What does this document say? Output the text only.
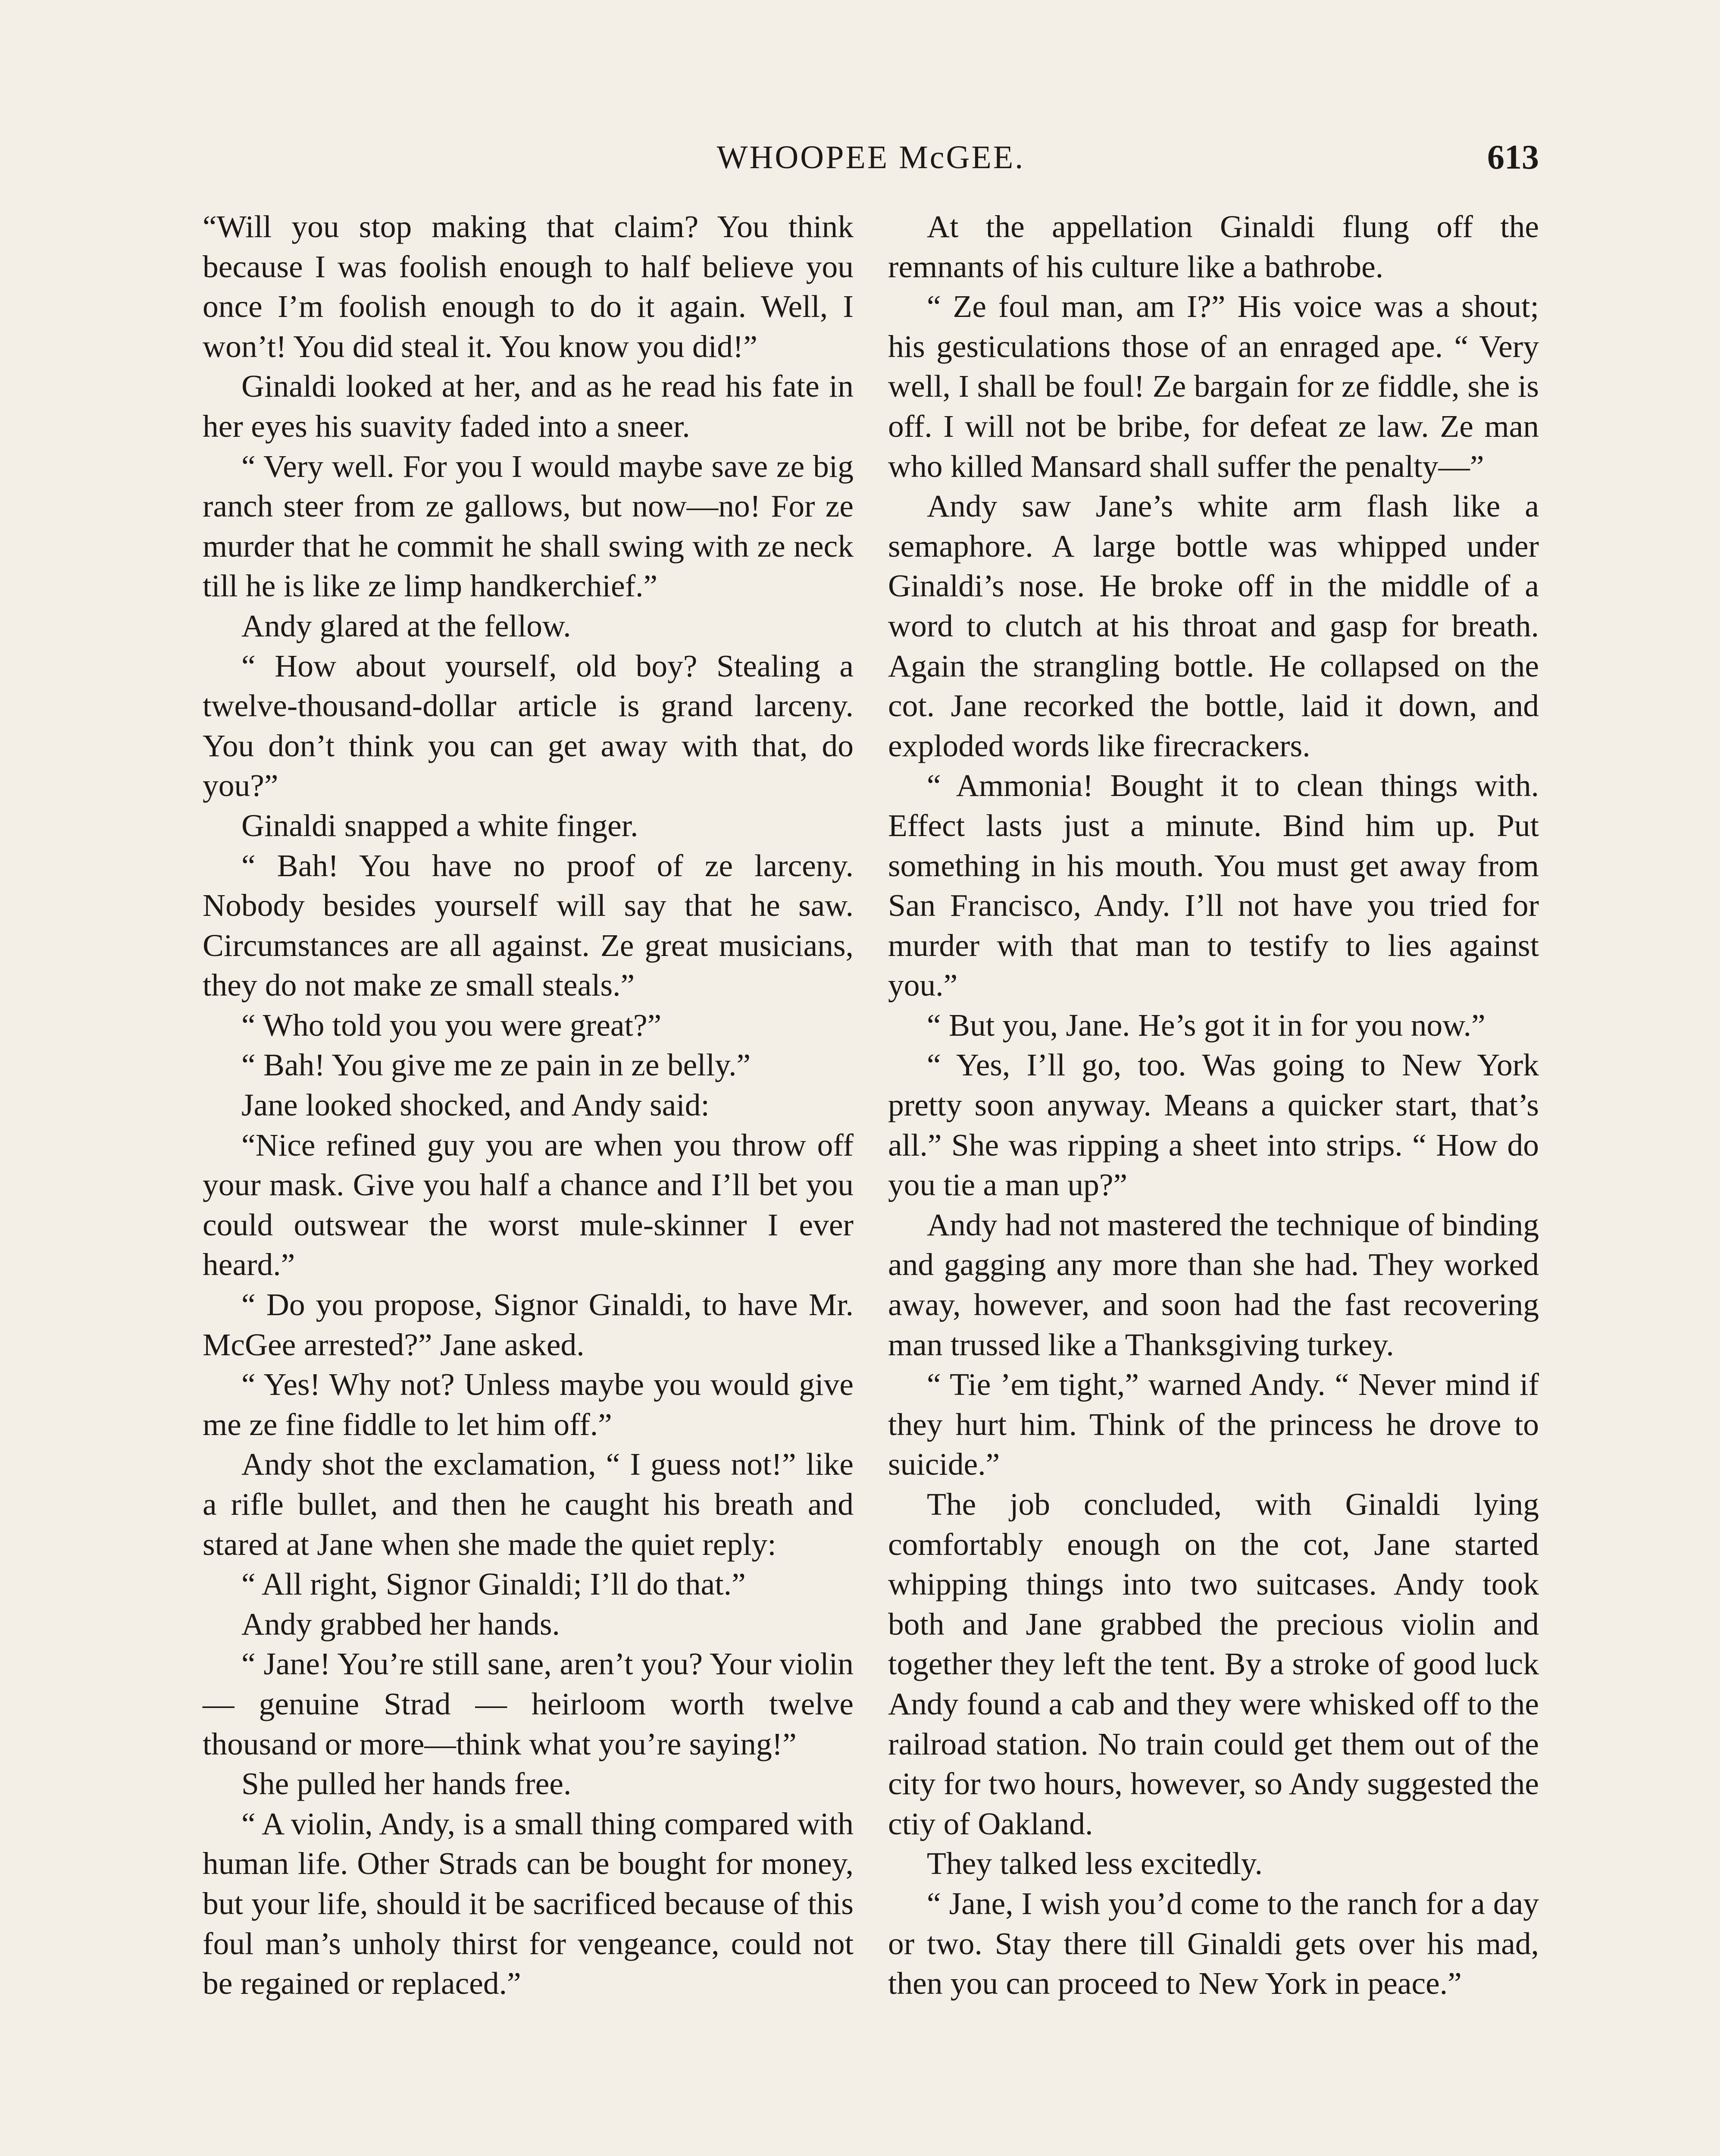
WHOOPEE McGEE.	613

“Will you stop making that claim? You think because I was foolish enough to half believe you once I’m foolish enough to do it again. Well, I won’t! You did steal it. You know you did!”

Ginaldi looked at her, and as he read his fate in her eyes his suavity faded into a sneer.

“ Very well. For you I would maybe save ze big ranch steer from ze gallows, but now—no! For ze murder that he commit he shall swing with ze neck till he is like ze limp handkerchief.”

Andy glared at the fellow.

“ How about yourself, old boy? Stealing a twelve-thousand-dollar article is grand larceny. You don’t think you can get away with that, do you?”

Ginaldi snapped a white finger.

“ Bah! You have no proof of ze larceny. Nobody besides yourself will say that he saw. Circumstances are all against. Ze great musicians, they do not make ze small steals.”

“ Who told you you were great?”

“ Bah! You give me ze pain in ze belly.”

Jane looked shocked, and Andy said:

“Nice refined guy you are when you throw off your mask. Give you half a chance and I’ll bet you could outswear the worst mule-skinner I ever heard.”

“ Do you propose, Signor Ginaldi, to have Mr. McGee arrested?” Jane asked.

“ Yes! Why not? Unless maybe you would give me ze fine fiddle to let him off.”

Andy shot the exclamation, “ I guess not!” like a rifle bullet, and then he caught his breath and stared at Jane when she made the quiet reply:

“ All right, Signor Ginaldi; I’ll do that.”

Andy grabbed her hands.

“ Jane! You’re still sane, aren’t you? Your violin — genuine Strad — heirloom worth twelve thousand or more—think what you’re saying!”

She pulled her hands free.

“ A violin, Andy, is a small thing compared with human life. Other Strads can be bought for money, but your life, should it be sacrificed because of this foul man’s unholy thirst for vengeance, could not be regained or replaced.”

At the appellation Ginaldi flung off the remnants of his culture like a bathrobe.

“ Ze foul man, am I?” His voice was a shout; his gesticulations those of an enraged ape. “ Very well, I shall be foul! Ze bargain for ze fiddle, she is off. I will not be bribe, for defeat ze law. Ze man who killed Mansard shall suffer the penalty—”

Andy saw Jane’s white arm flash like a semaphore. A large bottle was whipped under Ginaldi’s nose. He broke off in the middle of a word to clutch at his throat and gasp for breath. Again the strangling bottle. He collapsed on the cot. Jane recorked the bottle, laid it down, and exploded words like firecrackers.

“ Ammonia! Bought it to clean things with. Effect lasts just a minute. Bind him up. Put something in his mouth. You must get away from San Francisco, Andy. I’ll not have you tried for murder with that man to testify to lies against you.”

“ But you, Jane. He’s got it in for you now.”

“ Yes, I’ll go, too. Was going to New York pretty soon anyway. Means a quicker start, that’s all.” She was ripping a sheet into strips. “ How do you tie a man up?”

Andy had not mastered the technique of binding and gagging any more than she had. They worked away, however, and soon had the fast recovering man trussed like a Thanksgiving turkey.

“ Tie ’em tight,” warned Andy. “ Never mind if they hurt him. Think of the princess he drove to suicide.”

The job concluded, with Ginaldi lying comfortably enough on the cot, Jane started whipping things into two suitcases. Andy took both and Jane grabbed the precious violin and together they left the tent. By a stroke of good luck Andy found a cab and they were whisked off to the railroad station. No train could get them out of the city for two hours, however, so Andy suggested the ctiy of Oakland.

They talked less excitedly.

“ Jane, I wish you’d come to the ranch for a day or two. Stay there till Ginaldi gets over his mad, then you can proceed to New York in peace.”
